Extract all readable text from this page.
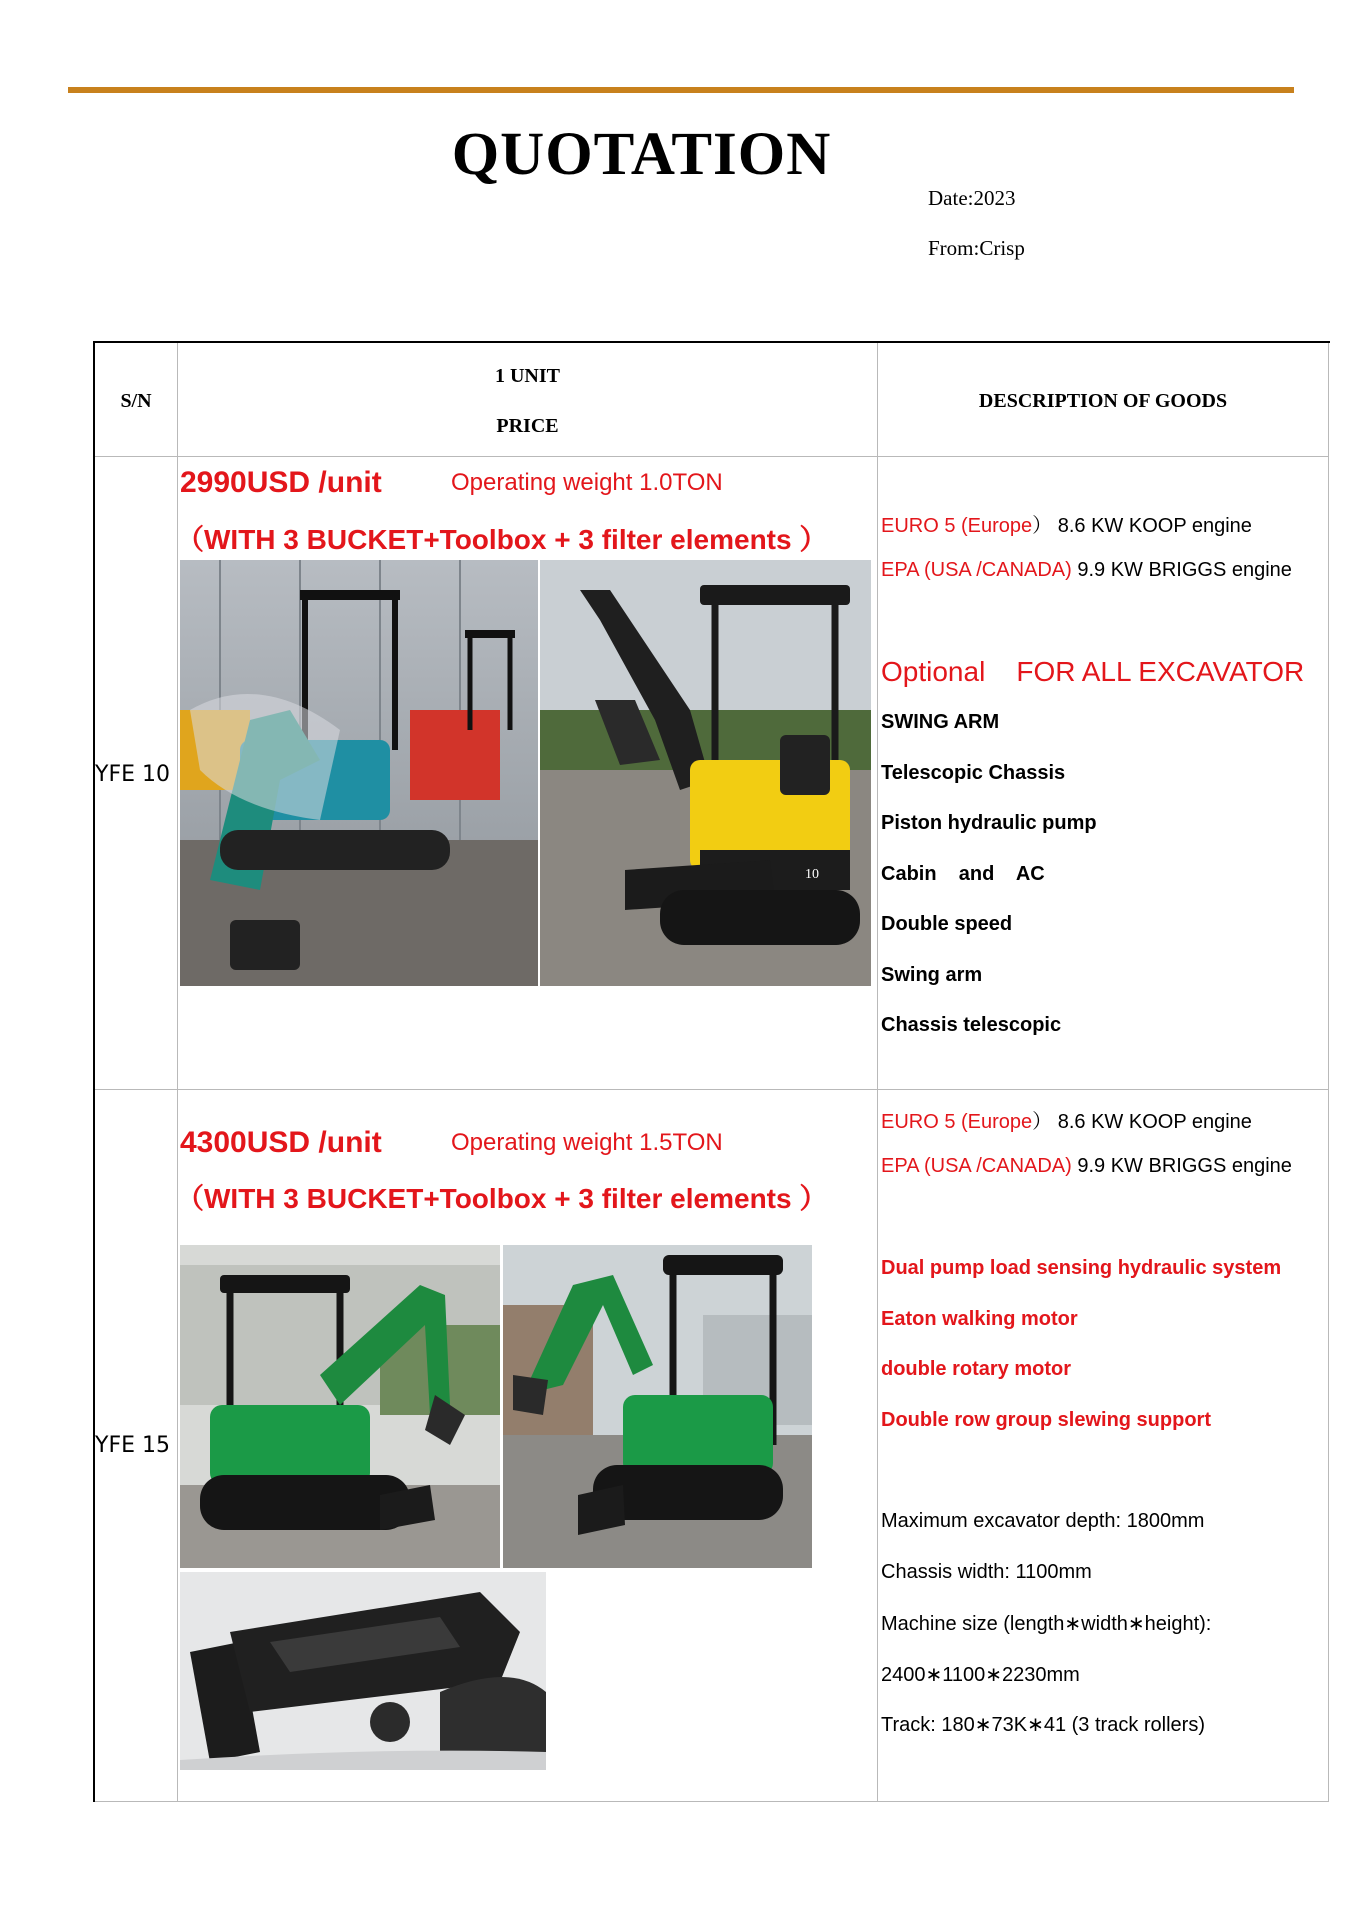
QUOTATION
Date:2023
From:Crisp
S/N
1 UNIT
PRICE
DESCRIPTION OF GOODS
YFE 10
2990USD /unit	Operating weight 1.0TON
（WITH 3 BUCKET+Toolbox + 3 filter elements ）
10
EURO 5 (Europe） 8.6 KW KOOP engine
EPA (USA /CANADA) 9.9 KW BRIGGS engine
Optional    FOR ALL EXCAVATOR
SWING ARM
Telescopic Chassis
Piston hydraulic pump
Cabin    and    AC
Double speed
Swing arm
Chassis telescopic
YFE 15
4300USD /unit	Operating weight 1.5TON
（WITH 3 BUCKET+Toolbox + 3 filter elements ）
EURO 5 (Europe） 8.6 KW KOOP engine
EPA (USA /CANADA) 9.9 KW BRIGGS engine
Dual pump load sensing hydraulic system
Eaton walking motor
double rotary motor
Double row group slewing support
Maximum excavator depth: 1800mm
Chassis width: 1100mm
Machine size (length∗width∗height):
2400∗1100∗2230mm
Track: 180∗73K∗41 (3 track rollers)
